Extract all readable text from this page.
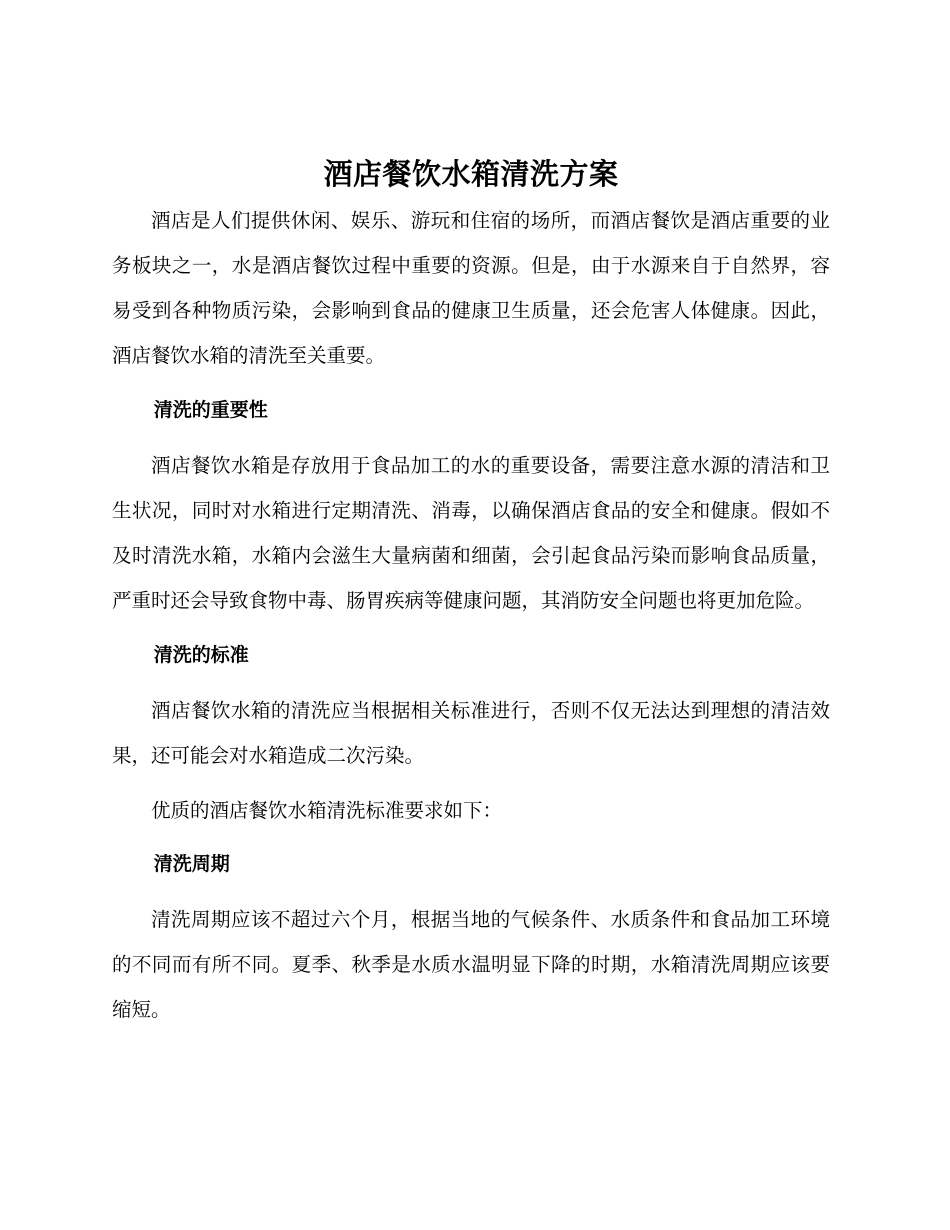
酒店餐饮水箱清洗方案

酒店是人们提供休闲、娱乐、游玩和住宿的场所，而酒店餐饮是酒店重要的业务板块之一，水是酒店餐饮过程中重要的资源。但是，由于水源来自于自然界，容易受到各种物质污染，会影响到食品的健康卫生质量，还会危害人体健康。因此，酒店餐饮水箱的清洗至关重要。

清洗的重要性

酒店餐饮水箱是存放用于食品加工的水的重要设备，需要注意水源的清洁和卫生状况，同时对水箱进行定期清洗、消毒，以确保酒店食品的安全和健康。假如不及时清洗水箱，水箱内会滋生大量病菌和细菌，会引起食品污染而影响食品质量，严重时还会导致食物中毒、肠胃疾病等健康问题，其消防安全问题也将更加危险。

清洗的标准

酒店餐饮水箱的清洗应当根据相关标准进行，否则不仅无法达到理想的清洁效果，还可能会对水箱造成二次污染。

优质的酒店餐饮水箱清洗标准要求如下：

清洗周期

清洗周期应该不超过六个月，根据当地的气候条件、水质条件和食品加工环境的不同而有所不同。夏季、秋季是水质水温明显下降的时期，水箱清洗周期应该要缩短。
